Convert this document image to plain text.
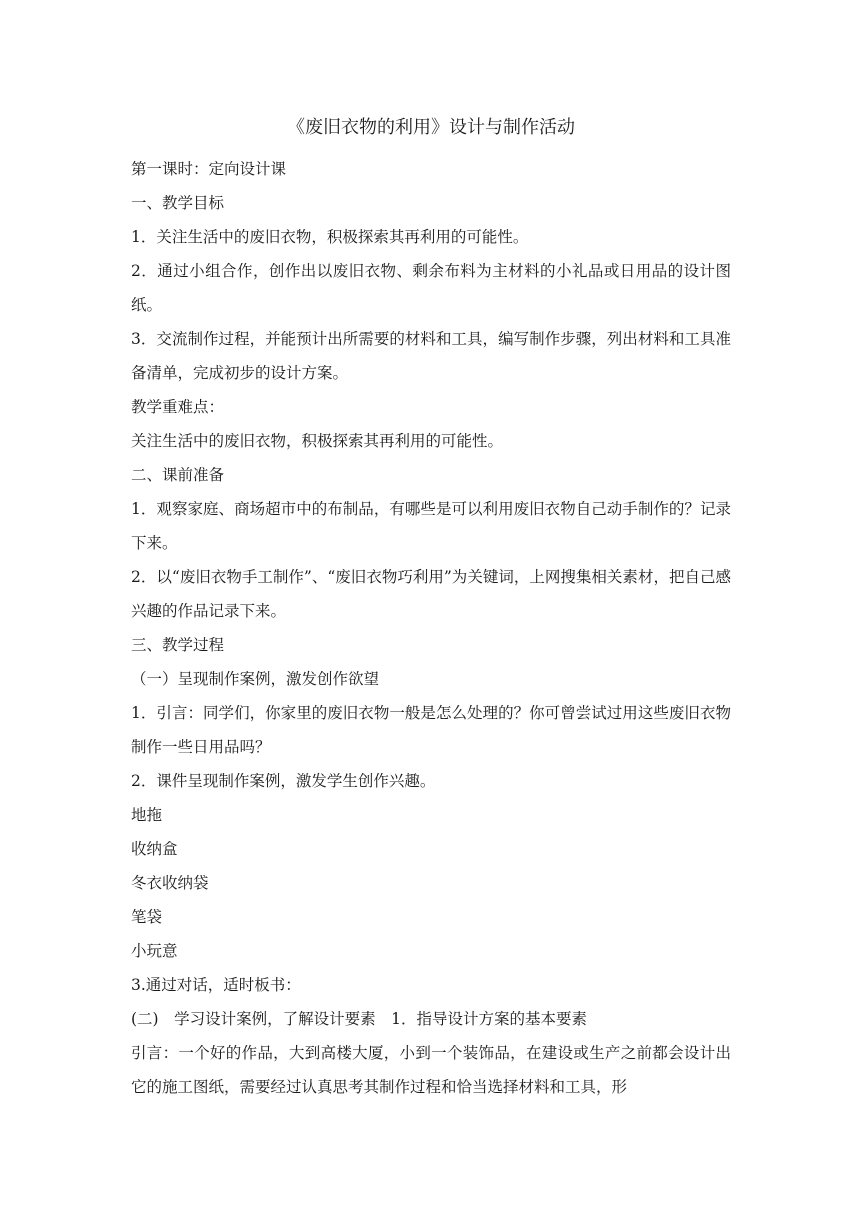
《废旧衣物的利用》设计与制作活动

第一课时：定向设计课

一、教学目标

1．关注生活中的废旧衣物，积极探索其再利用的可能性。

2．通过小组合作，创作出以废旧衣物、剩余布料为主材料的小礼品或日用品的设计图纸。

3．交流制作过程，并能预计出所需要的材料和工具，编写制作步骤，列出材料和工具准备清单，完成初步的设计方案。

教学重难点：

关注生活中的废旧衣物，积极探索其再利用的可能性。

二、课前准备

1．观察家庭、商场超市中的布制品，有哪些是可以利用废旧衣物自己动手制作的？记录下来。

2．以“废旧衣物手工制作”、“废旧衣物巧利用”为关键词，上网搜集相关素材，把自己感兴趣的作品记录下来。

三、教学过程

（一）呈现制作案例，激发创作欲望

1．引言：同学们，你家里的废旧衣物一般是怎么处理的？你可曾尝试过用这些废旧衣物制作一些日用品吗？

2．课件呈现制作案例，激发学生创作兴趣。

地拖

收纳盒

冬衣收纳袋

笔袋

小玩意

3.通过对话，适时板书：

(二)　学习设计案例，了解设计要素　1．指导设计方案的基本要素

引言：一个好的作品，大到高楼大厦，小到一个装饰品，在建设或生产之前都会设计出它的施工图纸，需要经过认真思考其制作过程和恰当选择材料和工具，形
